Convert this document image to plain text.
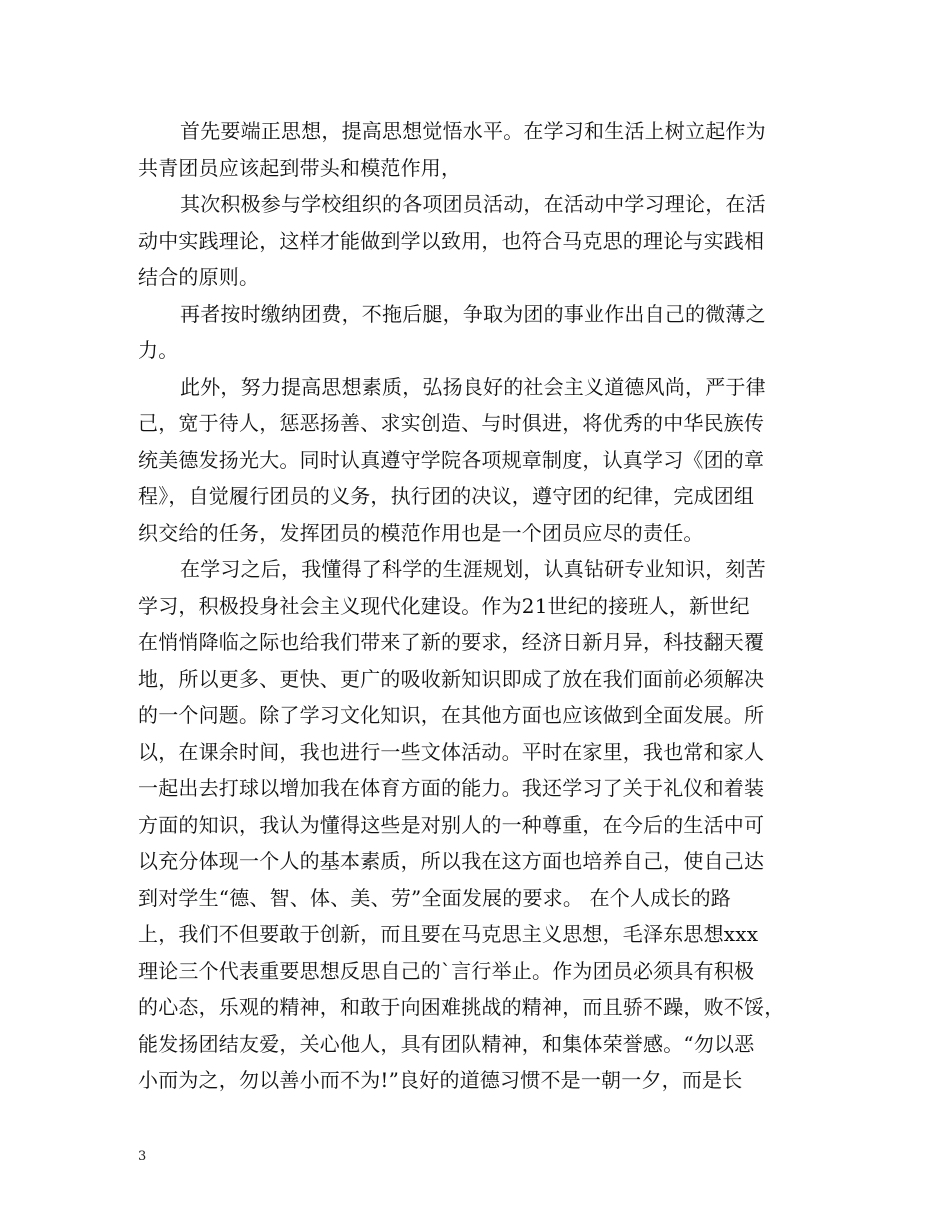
首先要端正思想，提高思想觉悟水平。在学习和生活上树立起作为
共青团员应该起到带头和模范作用，
其次积极参与学校组织的各项团员活动，在活动中学习理论，在活
动中实践理论，这样才能做到学以致用，也符合马克思的理论与实践相
结合的原则。
再者按时缴纳团费，不拖后腿，争取为团的事业作出自己的微薄之
力。
此外，努力提高思想素质，弘扬良好的社会主义道德风尚，严于律
己，宽于待人，惩恶扬善、求实创造、与时俱进，将优秀的中华民族传
统美德发扬光大。同时认真遵守学院各项规章制度，认真学习《团的章
程》，自觉履行团员的义务，执行团的决议，遵守团的纪律，完成团组
织交给的任务，发挥团员的模范作用也是一个团员应尽的责任。
在学习之后，我懂得了科学的生涯规划，认真钻研专业知识，刻苦
学习，积极投身社会主义现代化建设。作为21世纪的接班人，新世纪
在悄悄降临之际也给我们带来了新的要求，经济日新月异，科技翻天覆
地，所以更多、更快、更广的吸收新知识即成了放在我们面前必须解决
的一个问题。除了学习文化知识，在其他方面也应该做到全面发展。所
以，在课余时间，我也进行一些文体活动。平时在家里，我也常和家人
一起出去打球以增加我在体育方面的能力。我还学习了关于礼仪和着装
方面的知识，我认为懂得这些是对别人的一种尊重，在今后的生活中可
以充分体现一个人的基本素质，所以我在这方面也培养自己，使自己达
到对学生“德、智、体、美、劳”全面发展的要求。 在个人成长的路
上，我们不但要敢于创新，而且要在马克思主义思想，毛泽东思想xxx
理论三个代表重要思想反思自己的`言行举止。作为团员必须具有积极
的心态，乐观的精神，和敢于向困难挑战的精神，而且骄不躁，败不馁，
能发扬团结友爱，关心他人，具有团队精神，和集体荣誉感。“勿以恶
小而为之，勿以善小而不为!”良好的道德习惯不是一朝一夕，而是长
3
